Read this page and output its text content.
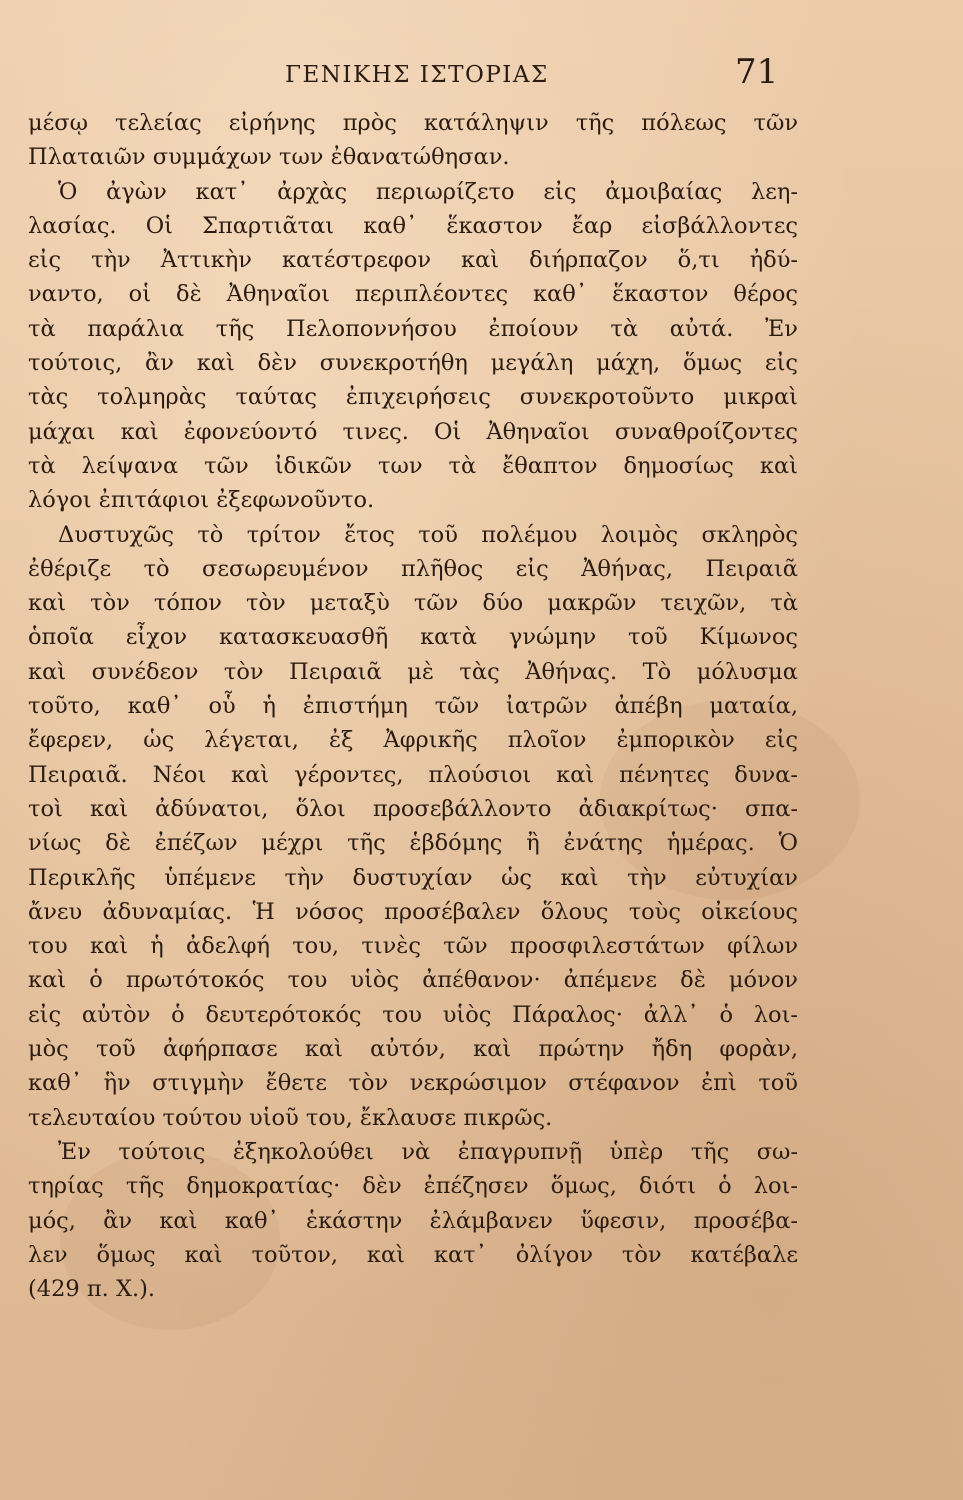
ΓΕΝΙΚΗΣ ΙΣΤΟΡΙΑΣ	71
μέσῳ τελείας εἰρήνης πρὸς κατάληψιν τῆς πόλεως τῶν
Πλαταιῶν συμμάχων των ἐθανατώθησαν.
Ὁ ἀγὼν κατ᾽ ἀρχὰς περιωρίζετο εἰς ἀμοιβαίας λεη-
λασίας. Οἱ Σπαρτιᾶται καθ᾽ ἕκαστον ἔαρ εἰσβάλλοντες
εἰς τὴν Ἀττικὴν κατέστρεφον καὶ διήρπαζον ὅ,τι ἠδύ-
ναντο, οἱ δὲ Ἀθηναῖοι περιπλέοντες καθ᾽ ἕκαστον θέρος
τὰ παράλια τῆς Πελοποννήσου ἐποίουν τὰ αὐτά. Ἐν
τούτοις, ἂν καὶ δὲν συνεκροτήθη μεγάλη μάχη, ὅμως εἰς
τὰς τολμηρὰς ταύτας ἐπιχειρήσεις συνεκροτοῦντο μικραὶ
μάχαι καὶ ἐφονεύοντό τινες. Οἱ Ἀθηναῖοι συναθροίζοντες
τὰ λείψανα τῶν ἰδικῶν των τὰ ἔθαπτον δημοσίως καὶ
λόγοι ἐπιτάφιοι ἐξεφωνοῦντο.
Δυστυχῶς τὸ τρίτον ἔτος τοῦ πολέμου λοιμὸς σκληρὸς
ἐθέριζε τὸ σεσωρευμένον πλῆθος εἰς Ἀθήνας, Πειραιᾶ
καὶ τὸν τόπον τὸν μεταξὺ τῶν δύο μακρῶν τειχῶν, τὰ
ὁποῖα εἶχον κατασκευασθῆ κατὰ γνώμην τοῦ Κίμωνος
καὶ συνέδεον τὸν Πειραιᾶ μὲ τὰς Ἀθήνας. Τὸ μόλυσμα
τοῦτο, καθ᾽ οὗ ἡ ἐπιστήμη τῶν ἰατρῶν ἀπέβη ματαία,
ἔφερεν, ὡς λέγεται, ἐξ Ἀφρικῆς πλοῖον ἐμπορικὸν εἰς
Πειραιᾶ. Νέοι καὶ γέροντες, πλούσιοι καὶ πένητες δυνα-
τοὶ καὶ ἀδύνατοι, ὅλοι προσεβάλλοντο ἀδιακρίτως· σπα-
νίως δὲ ἐπέζων μέχρι τῆς ἑβδόμης ἢ ἐνάτης ἡμέρας. Ὁ
Περικλῆς ὑπέμενε τὴν δυστυχίαν ὡς καὶ τὴν εὐτυχίαν
ἄνευ ἀδυναμίας. Ἡ νόσος προσέβαλεν ὅλους τοὺς οἰκείους
του καὶ ἡ ἀδελφή του, τινὲς τῶν προσφιλεστάτων φίλων
καὶ ὁ πρωτότοκός του υἱὸς ἀπέθανον· ἀπέμενε δὲ μόνον
εἰς αὐτὸν ὁ δευτερότοκός του υἱὸς Πάραλος· ἀλλ᾽ ὁ λοι-
μὸς τοῦ ἀφήρπασε καὶ αὐτόν, καὶ πρώτην ἤδη φορὰν,
καθ᾽ ἣν στιγμὴν ἔθετε τὸν νεκρώσιμον στέφανον ἐπὶ τοῦ
τελευταίου τούτου υἱοῦ του, ἔκλαυσε πικρῶς.
Ἐν τούτοις ἐξηκολούθει νὰ ἐπαγρυπνῇ ὑπὲρ τῆς σω-
τηρίας τῆς δημοκρατίας· δὲν ἐπέζησεν ὅμως, διότι ὁ λοι-
μός, ἂν καὶ καθ᾽ ἑκάστην ἐλάμβανεν ὕφεσιν, προσέβα-
λεν ὅμως καὶ τοῦτον, καὶ κατ᾽ ὀλίγον τὸν κατέβαλε
(429 π. Χ.).
